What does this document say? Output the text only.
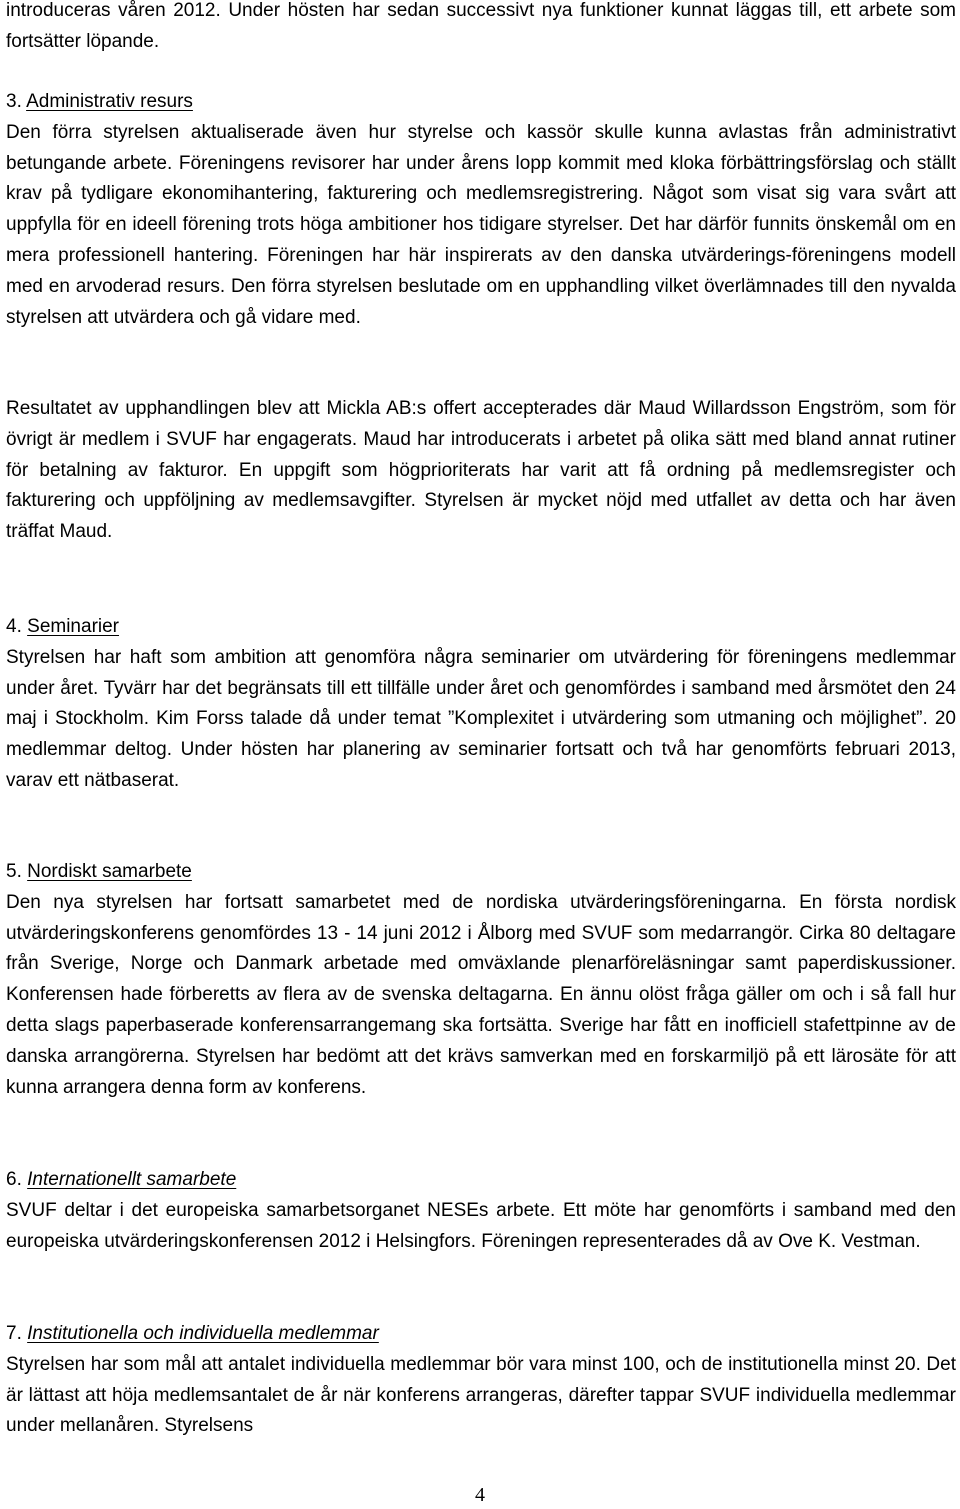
introduceras våren 2012. Under hösten har sedan successivt nya funktioner kunnat läggas till, ett arbete som fortsätter löpande.

3. Administrativ resurs

Den förra styrelsen aktualiserade även hur styrelse och kassör skulle kunna avlastas från administrativt betungande arbete. Föreningens revisorer har under årens lopp kommit med kloka förbättringsförslag och ställt krav på tydligare ekonomihantering, fakturering och medlemsregistrering. Något som visat sig vara svårt att uppfylla för en ideell förening trots höga ambitioner hos tidigare styrelser. Det har därför funnits önskemål om en mera professionell hantering. Föreningen har här inspirerats av den danska utvärderings-föreningens modell med en arvoderad resurs. Den förra styrelsen beslutade om en upphandling vilket överlämnades till den nyvalda styrelsen att utvärdera och gå vidare med.

Resultatet av upphandlingen blev att Mickla AB:s offert accepterades där Maud Willardsson Engström, som för övrigt är medlem i SVUF har engagerats. Maud har introducerats i arbetet på olika sätt med bland annat rutiner för betalning av fakturor. En uppgift som högprioriterats har varit att få ordning på medlemsregister och fakturering och uppföljning av medlemsavgifter. Styrelsen är mycket nöjd med utfallet av detta och har även träffat Maud.

4. Seminarier

Styrelsen har haft som ambition att genomföra några seminarier om utvärdering för föreningens medlemmar under året. Tyvärr har det begränsats till ett tillfälle under året och genomfördes i samband med årsmötet den 24 maj i Stockholm. Kim Forss talade då under temat ”Komplexitet i utvärdering som utmaning och möjlighet”. 20 medlemmar deltog. Under hösten har planering av seminarier fortsatt och två har genomförts februari 2013, varav ett nätbaserat.

5. Nordiskt samarbete

Den nya styrelsen har fortsatt samarbetet med de nordiska utvärderingsföreningarna. En första nordisk utvärderingskonferens genomfördes 13 - 14 juni 2012 i Ålborg med SVUF som medarrangör. Cirka 80 deltagare från Sverige, Norge och Danmark arbetade med omväxlande plenarföreläsningar samt paperdiskussioner. Konferensen hade förberetts av flera av de svenska deltagarna. En ännu olöst fråga gäller om och i så fall hur detta slags paperbaserade konferensarrangemang ska fortsätta. Sverige har fått en inofficiell stafettpinne av de danska arrangörerna. Styrelsen har bedömt att det krävs samverkan med en forskarmiljö på ett lärosäte för att kunna arrangera denna form av konferens.

6. Internationellt samarbete

SVUF deltar i det europeiska samarbetsorganet NESEs arbete. Ett möte har genomförts i samband med den europeiska utvärderingskonferensen 2012 i Helsingfors. Föreningen representerades då av Ove K. Vestman.

7. Institutionella och individuella medlemmar

Styrelsen har som mål att antalet individuella medlemmar bör vara minst 100, och de institutionella minst 20. Det är lättast att höja medlemsantalet de år när konferens arrangeras, därefter tappar SVUF individuella medlemmar under mellanåren. Styrelsens

4
